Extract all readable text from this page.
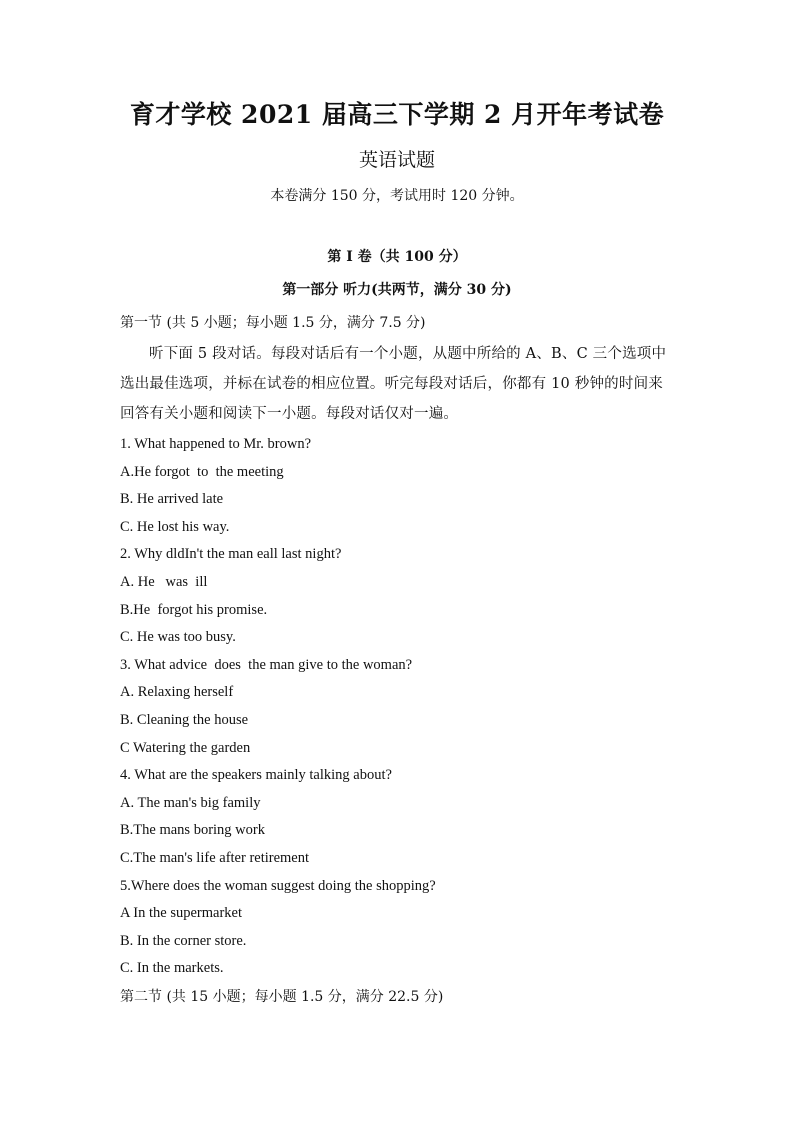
育才学校 2021 届高三下学期 2 月开年考试卷
英语试题
本卷满分 150 分，考试用时 120 分钟。
第 I 卷（共 100 分）
第一部分 听力(共两节，满分 30 分)
第一节 (共 5 小题；每小题 1.5 分，满分 7.5 分)
听下面 5 段对话。每段对话后有一个小题，从题中所给的 A、B、C 三个选项中选出最佳选项，并标在试卷的相应位置。听完每段对话后，你都有 10 秒钟的时间来回答有关小题和阅读下一小题。每段对话仅对一遍。
1. What happened to Mr. brown?
A.He forgot  to  the meeting
B. He arrived late
C. He lost his way.
2. Why dldIn't the man eall last night?
A. He   was  ill
B.He  forgot his promise.
C. He was too busy.
3. What advice  does  the man give to the woman?
A. Relaxing herself
B. Cleaning the house
C Watering the garden
4. What are the speakers mainly talking about?
A. The man's big family
B.The mans boring work
C.The man's life after retirement
5.Where does the woman suggest doing the shopping?
A In the supermarket
B. In the corner store.
C. In the markets.
第二节 (共 15 小题；每小题 1.5 分，满分 22.5 分)
